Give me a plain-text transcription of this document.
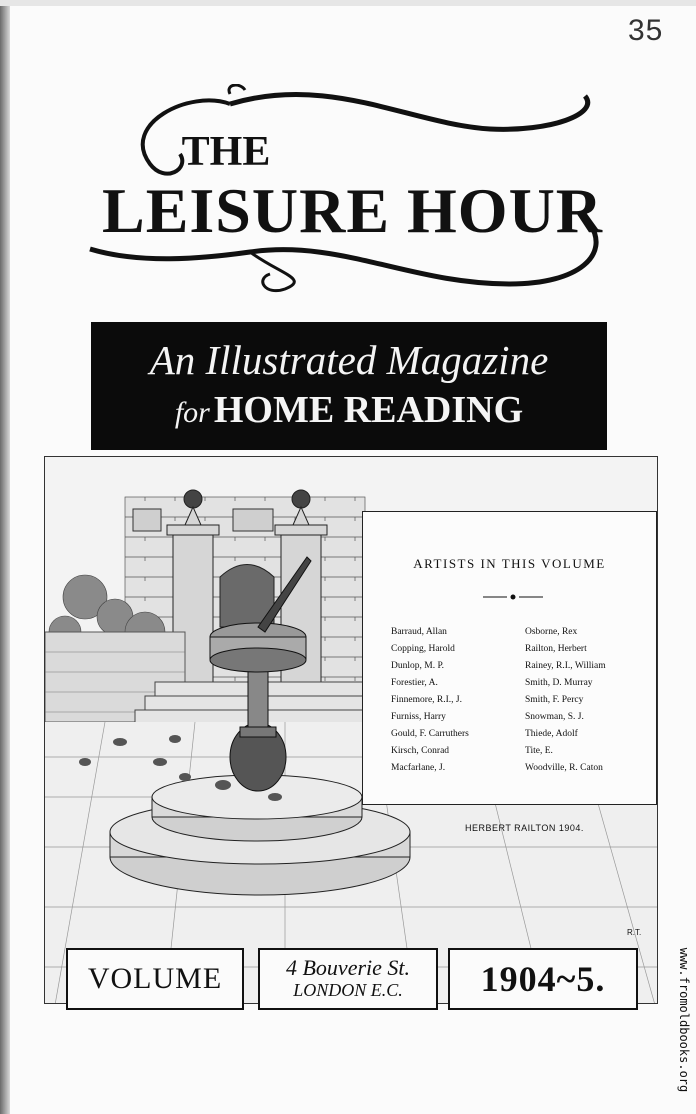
35
THE
LEISURE HOUR
An Illustrated Magazine
for HOME READING
ARTISTS IN THIS VOLUME
Barraud, Allan
Copping, Harold
Dunlop, M. P.
Forestier, A.
Finnemore, R.I., J.
Furniss, Harry
Gould, F. Carruthers
Kirsch, Conrad
Macfarlane, J.
Osborne, Rex
Railton, Herbert
Rainey, R.I., William
Smith, D. Murray
Smith, F. Percy
Snowman, S. J.
Thiede, Adolf
Tite, E.
Woodville, R. Caton
HERBERT RAILTON 1904.
R.T.
VOLUME	4 Bouverie St.
LONDON E.C. 1904~5.	www.fromoldbooks.org
